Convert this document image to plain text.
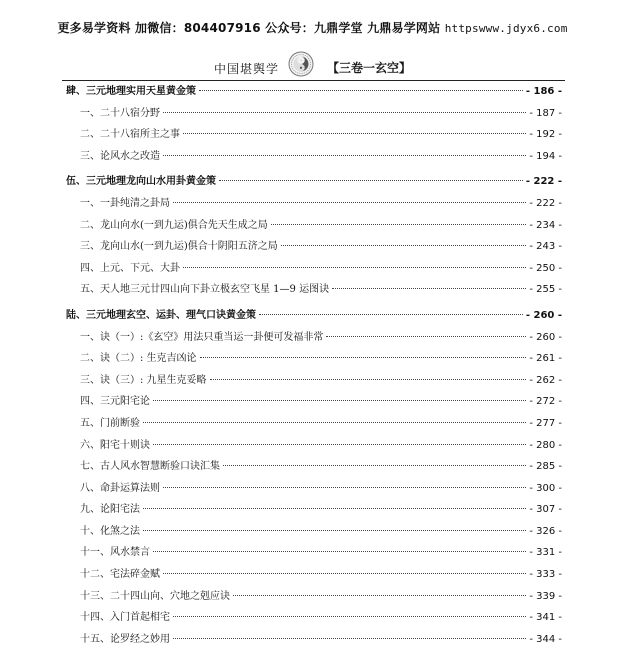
更多易学资料 加微信：804407916 公众号：九鼎学堂 九鼎易学网站 httpswww.jdyx6.com
中国堪舆学	【三卷一玄空】
肆、三元地理实用天星黄金策	- 186 -
一、二十八宿分野	- 187 -
二、二十八宿所主之事	- 192 -
三、论风水之改造	- 194 -
伍、三元地理龙向山水用卦黄金策	- 222 -
一、一卦纯清之卦局	- 222 -
二、龙山向水(一到九运)俱合先天生成之局	- 234 -
三、龙向山水(一到九运)俱合十阴阳五济之局	- 243 -
四、上元、下元、大卦	- 250 -
五、天人地三元廿四山向下卦立极玄空飞星 1—9 运图诀	- 255 -
陆、三元地理玄空、运卦、理气口诀黄金策	- 260 -
一、诀（一）:《玄空》用法只重当运一卦便可发福非常	- 260 -
二、诀（二）: 生克吉凶论	- 261 -
三、诀（三）: 九星生克妥略	- 262 -
四、三元阳宅论	- 272 -
五、门前断验	- 277 -
六、阳宅十则诀	- 280 -
七、古人风水智慧断验口诀汇集	- 285 -
八、命卦运算法则	- 300 -
九、论阳宅法	- 307 -
十、化煞之法	- 326 -
十一、风水禁言	- 331 -
十二、宅法碎金赋	- 333 -
十三、二十四山向、穴地之剋应诀	- 339 -
十四、入门首起相宅	- 341 -
十五、论罗经之妙用	- 344 -
